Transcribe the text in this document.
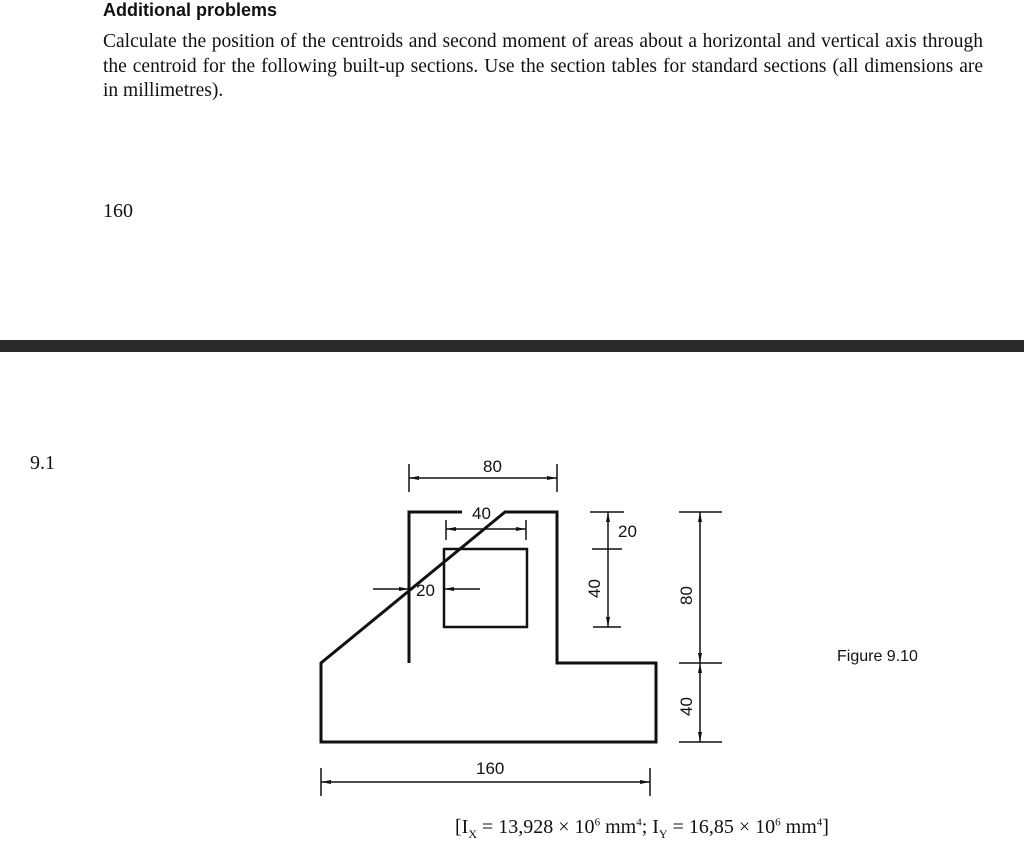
Additional problems
Calculate the position of the centroids and second moment of areas about a horizontal and vertical axis through the centroid for the following built-up sections. Use the section tables for standard sections (all dimensions are in millimetres).
160
9.1	80
40
20
20
40	80
40
160
Figure 9.10
[$I_X = 13,928 \times 10^6$ $mm^4$; $I_Y = 16,85 \times 10^6$ $mm^4$]
